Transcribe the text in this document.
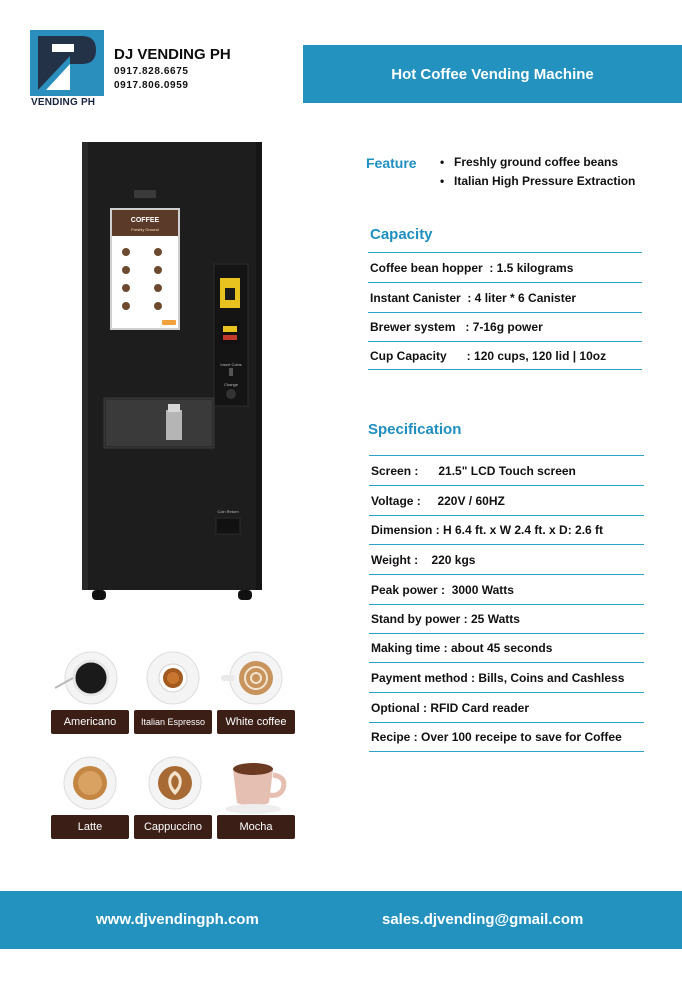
VENDING PH
DJ VENDING PH
0917.828.6675
0917.806.0959
Hot Coffee Vending Machine
COFFEE
Freshly Ground
Insert Coins
Change
Coin Return
Feature
•	Freshly ground coffee beans
• Italian High Pressure Extraction
Capacity
Coffee bean hopper  : 1.5 kilograms
Instant Canister  : 4 liter * 6 Canister
Brewer system   : 7-16g power
Cup Capacity      : 120 cups, 120 lid | 10oz
Specification
Screen :      21.5" LCD Touch screen
Voltage :     220V / 60HZ
Dimension : H 6.4 ft. x W 2.4 ft. x D: 2.6 ft
Weight :    220 kgs
Peak power :  3000 Watts
Stand by power : 25 Watts
Making time : about 45 seconds
Payment method : Bills, Coins and Cashless
Optional : RFID Card reader
Recipe : Over 100 receipe to save for Coffee
Americano	Italian Espresso	White coffee
Latte	Cappuccino	Mocha
www.djvendingph.com	sales.djvending@gmail.com
